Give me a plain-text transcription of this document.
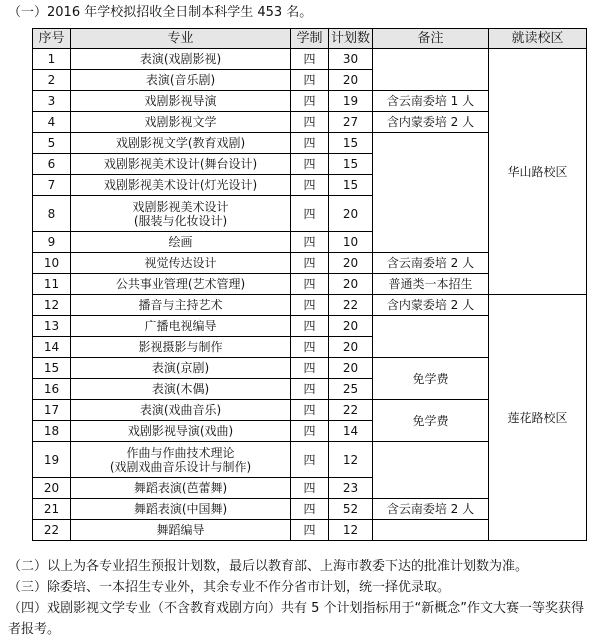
（一）2016 年学校拟招收全日制本科学生 453 名。
序号	专业	学制	计划数	备注	就读校区
1	表演(戏剧影视)	四	30		华山路校区
2	表演(音乐剧)	四	20		
3	戏剧影视导演	四	19	含云南委培 1 人	
4	戏剧影视文学	四	27	含内蒙委培 2 人	
5	戏剧影视文学(教育戏剧)	四	15		
6	戏剧影视美术设计(舞台设计)	四	15		
7	戏剧影视美术设计(灯光设计)	四	15		
8	戏剧影视美术设计
(服装与化妆设计)	四	20		
9	绘画	四	10		
10	视觉传达设计	四	20	含云南委培 2 人	
11	公共事业管理(艺术管理)	四	20	普通类一本招生	
12	播音与主持艺术	四	22	含内蒙委培 2 人	莲花路校区
13	广播电视编导	四	20		
14	影视摄影与制作	四	20		
15	表演(京剧)	四	20	免学费	
16	表演(木偶)	四	25		
17	表演(戏曲音乐)	四	22	免学费	
18	戏剧影视导演(戏曲)	四	14		
19	作曲与作曲技术理论
(戏剧戏曲音乐设计与制作)	四	12		
20	舞蹈表演(芭蕾舞)	四	23		
21	舞蹈表演(中国舞)	四	52	含云南委培 2 人	
22	舞蹈编导	四	12		

（二）以上为各专业招生预报计划数，最后以教育部、上海市教委下达的批准计划数为准。

（三）除委培、一本招生专业外，其余专业不作分省市计划，统一择优录取。

（四）戏剧影视文学专业（不含教育戏剧方向）共有 5 个计划指标用于“新概念”作文大赛一等奖获得者报考。
